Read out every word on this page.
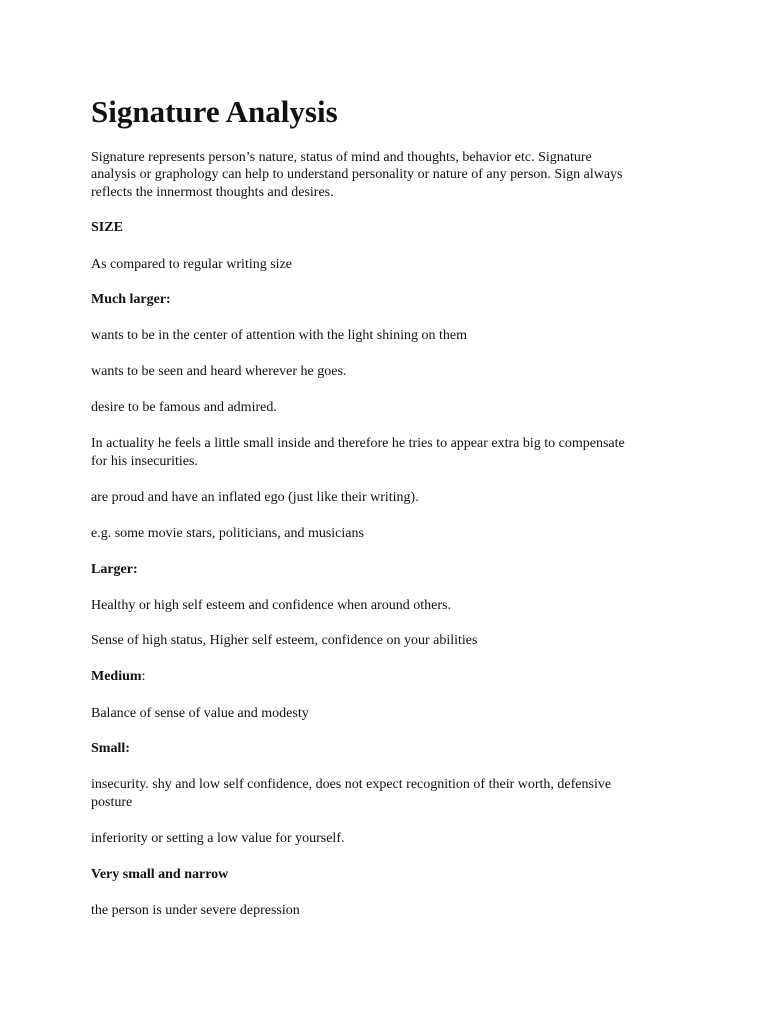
Signature Analysis

Signature represents person’s nature, status of mind and thoughts, behavior etc. Signature

analysis or graphology can help to understand personality or nature of any person. Sign always

reflects the innermost thoughts and desires.

SIZE

As compared to regular writing size

Much larger:

wants to be in the center of attention with the light shining on them

wants to be seen and heard wherever he goes.

desire to be famous and admired.

In actuality he feels a little small inside and therefore he tries to appear extra big to compensate

for his insecurities.

are proud and have an inflated ego (just like their writing).

e.g. some movie stars, politicians, and musicians

Larger:

Healthy or high self esteem and confidence when around others.

Sense of high status, Higher self esteem, confidence on your abilities

Medium:

Balance of sense of value and modesty

Small:

insecurity. shy and low self confidence, does not expect recognition of their worth, defensive

posture

inferiority or setting a low value for yourself.

Very small and narrow

the person is under severe depression
